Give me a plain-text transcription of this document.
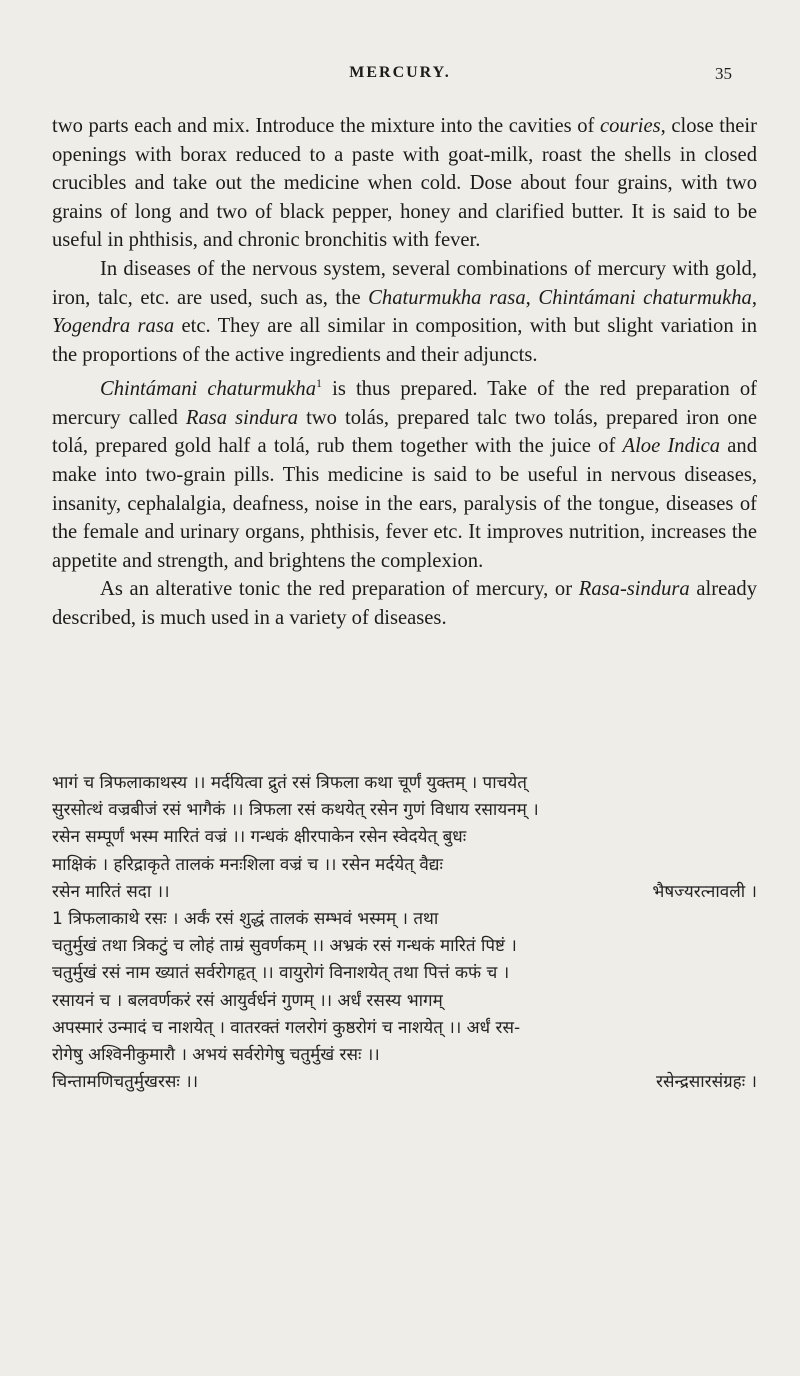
MERCURY.	35

two parts each and mix. Introduce the mixture into the cavities of couries, close their openings with borax reduced to a paste with goat-milk, roast the shells in closed crucibles and take out the medicine when cold. Dose about four grains, with two grains of long and two of black pepper, honey and clarified butter. It is said to be useful in phthisis, and chronic bronchitis with fever.

In diseases of the nervous system, several combinations of mercury with gold, iron, talc, etc. are used, such as, the Chaturmukha rasa, Chintámani chaturmukha, Yogendra rasa etc. They are all similar in composition, with but slight variation in the proportions of the active ingredients and their adjuncts.

Chintámani chaturmukha$^1$ is thus prepared. Take of the red preparation of mercury called Rasa sindura two tolás, prepared talc two tolás, prepared iron one tolá, prepared gold half a tolá, rub them together with the juice of Aloe Indica and make into two-grain pills. This medicine is said to be useful in nervous diseases, insanity, cephalalgia, deafness, noise in the ears, paralysis of the tongue, diseases of the female and urinary organs, phthisis, fever etc. It improves nutrition, increases the appetite and strength, and brightens the complexion.

As an alterative tonic the red preparation of mercury, or Rasa-sindura already described, is much used in a variety of diseases.

भागं च त्रिफलाकाथस्य ।। मर्दयित्वा द्रुतं रसं त्रिफला कथा चूर्णं युक्तम् । पाचयेत्

सुरसोत्थं वज्रबीजं रसं भागैकं ।। त्रिफला रसं कथयेत् रसेन गुणं विधाय रसायनम् ।

रसेन सम्पूर्णं भस्म मारितं वज्रं ।। गन्धकं क्षीरपाकेन रसेन स्वेदयेत् बुधः

माक्षिकं । हरिद्राकृते तालकं मनःशिला वज्रं च ।। रसेन मर्दयेत् वैद्यः

रसेन मारितं सदा ।।	भैषज्यरत्नावली ।

1 त्रिफलाकाथे रसः । अर्कं रसं शुद्धं तालकं सम्भवं भस्मम् । तथा

चतुर्मुखं तथा त्रिकटुं च लोहं ताम्रं सुवर्णकम् ।। अभ्रकं रसं गन्धकं मारितं पिष्टं ।

चतुर्मुखं रसं नाम ख्यातं सर्वरोगहृत् ।। वायुरोगं विनाशयेत् तथा पित्तं कफं च ।

रसायनं च । बलवर्णकरं रसं आयुर्वर्धनं गुणम् ।। अर्धं रसस्य भागम्

अपस्मारं उन्मादं च नाशयेत् । वातरक्तं गलरोगं कुष्ठरोगं च नाशयेत् ।। अर्धं रस-

रोगेषु अश्विनीकुमारौ । अभयं सर्वरोगेषु चतुर्मुखं रसः ।।

चिन्तामणिचतुर्मुखरसः ।।	रसेन्द्रसारसंग्रहः ।
